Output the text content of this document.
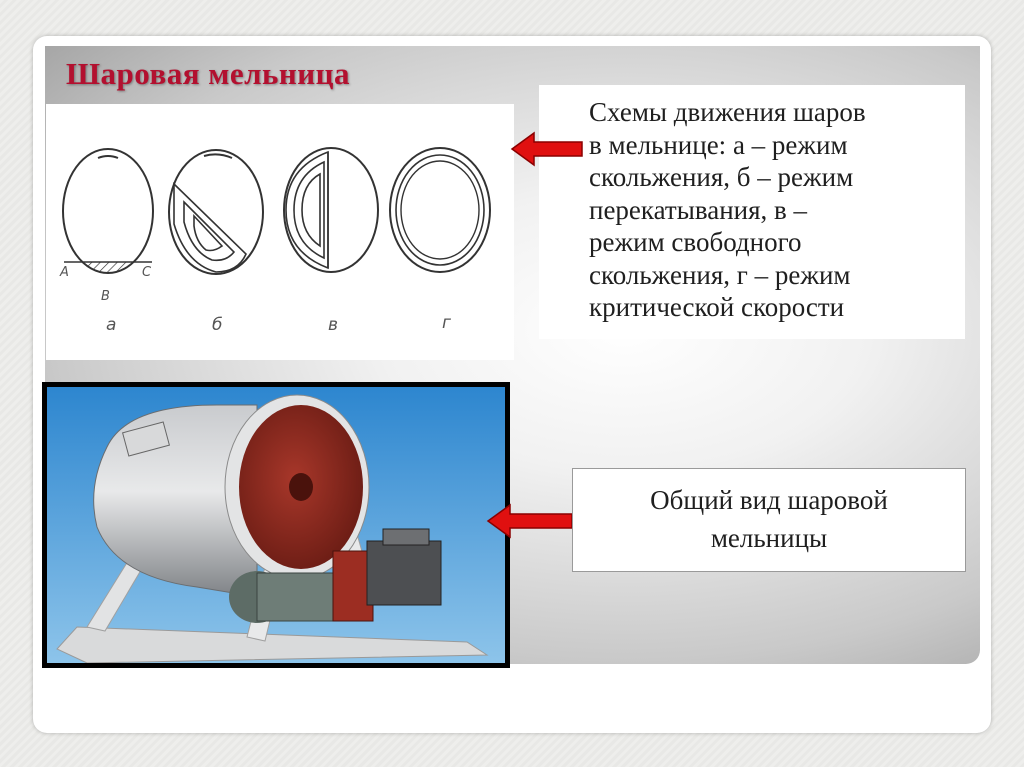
Шаровая мельница
A
B
C
а	б	в	г
Схемы движения шаров
в мельнице: а – режим
скольжения, б – режим
перекатывания, в –
режим свободного
скольжения, г – режим
критической скорости
Общий вид шаровой
мельницы
